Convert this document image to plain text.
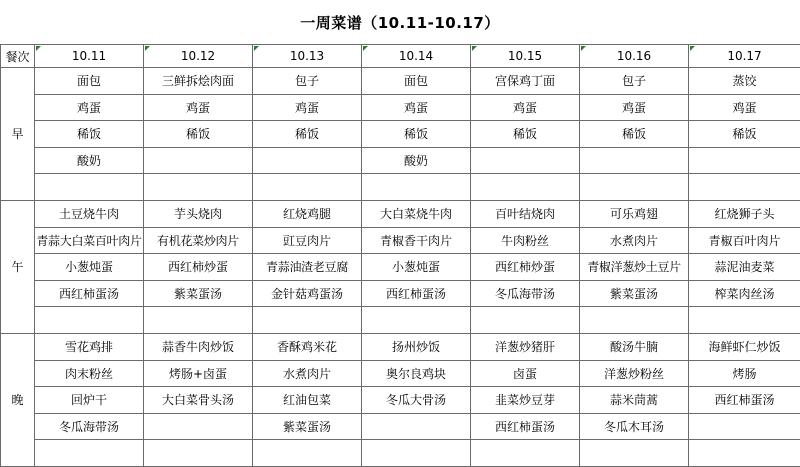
一周菜谱（10.11-10.17）
餐次	10.11	10.12	10.13	10.14	10.15	10.16	10.17
早	面包	三鲜拆烩肉面	包子	面包	宫保鸡丁面	包子	蒸饺
	鸡蛋	鸡蛋	鸡蛋	鸡蛋	鸡蛋	鸡蛋	鸡蛋
	稀饭	稀饭	稀饭	稀饭	稀饭	稀饭	稀饭
	酸奶			酸奶			

午	土豆烧牛肉	芋头烧肉	红烧鸡腿	大白菜烧牛肉	百叶结烧肉	可乐鸡翅	红烧狮子头
	青蒜大白菜百叶肉片	有机花菜炒肉片	豇豆肉片	青椒香干肉片	牛肉粉丝	水煮肉片	青椒百叶肉片
	小葱炖蛋	西红柿炒蛋	青蒜油渣老豆腐	小葱炖蛋	西红柿炒蛋	青椒洋葱炒土豆片	蒜泥油麦菜
	西红柿蛋汤	紫菜蛋汤	金针菇鸡蛋汤	西红柿蛋汤	冬瓜海带汤	紫菜蛋汤	榨菜肉丝汤

晚	雪花鸡排	蒜香牛肉炒饭	香酥鸡米花	扬州炒饭	洋葱炒猪肝	酸汤牛腩	海鲜虾仁炒饭
	肉末粉丝	烤肠+卤蛋	水煮肉片	奥尔良鸡块	卤蛋	洋葱炒粉丝	烤肠
	回炉干	大白菜骨头汤	红油包菜	冬瓜大骨汤	韭菜炒豆芽	蒜米茼蒿	西红柿蛋汤
	冬瓜海带汤		紫菜蛋汤		西红柿蛋汤	冬瓜木耳汤	
